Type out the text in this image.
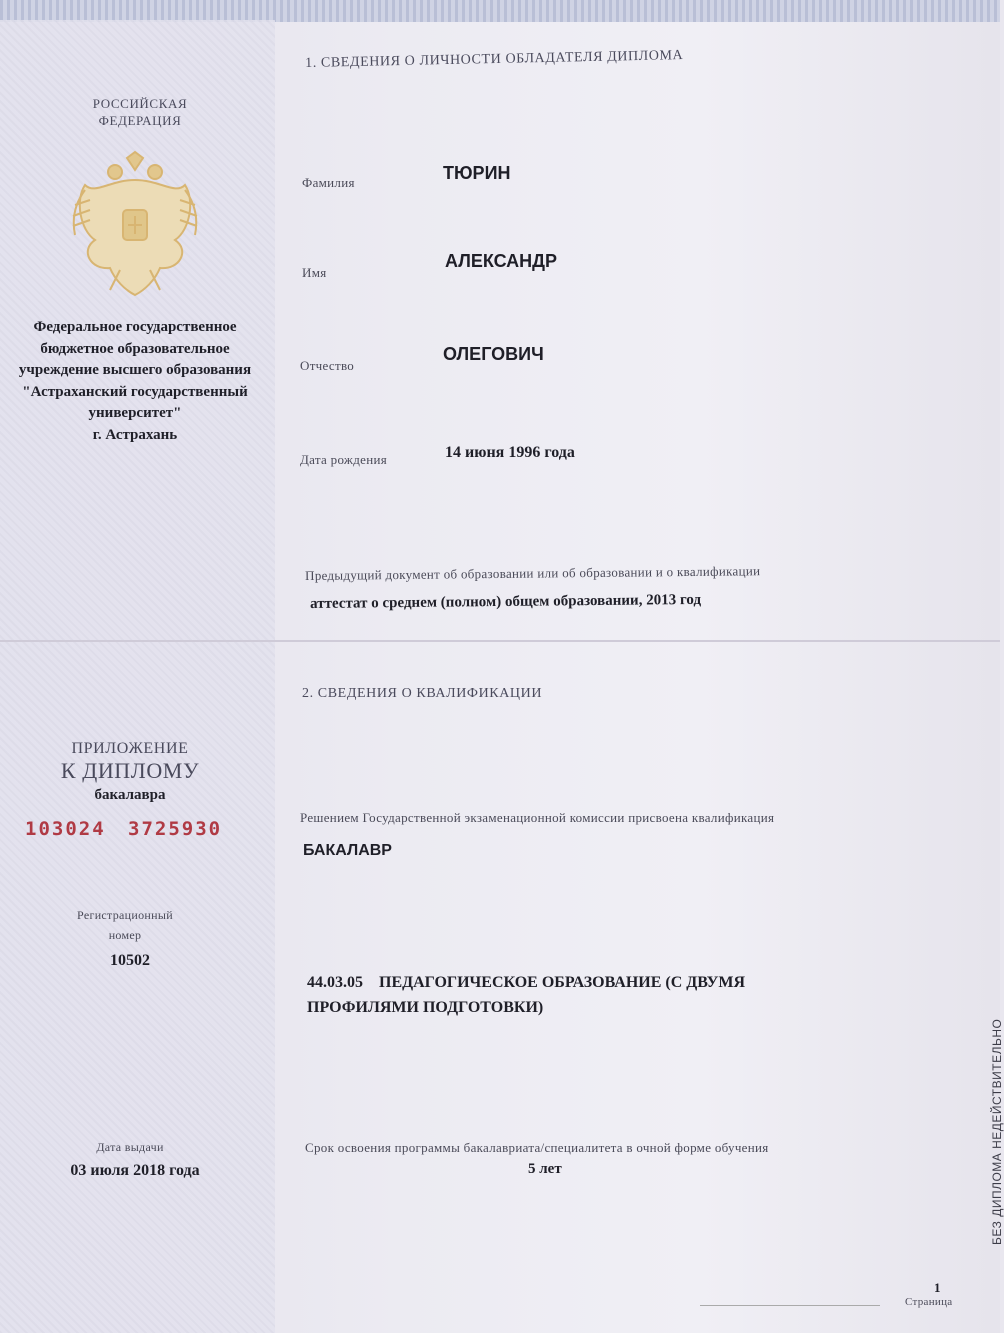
РОССИЙСКАЯ ФЕДЕРАЦИЯ
Федеральное государственное
бюджетное образовательное
учреждение высшего образования
"Астраханский государственный
университет"
г. Астрахань
ПРИЛОЖЕНИЕ
К ДИПЛОМУ
бакалавра
103024 3725930
Регистрационный
номер
10502
Дата выдачи
03 июля 2018 года
1. СВЕДЕНИЯ О ЛИЧНОСТИ ОБЛАДАТЕЛЯ ДИПЛОМА
Фамилия	ТЮРИН
Имя
АЛЕКСАНДР
Отчество
ОЛЕГОВИЧ
Дата рождения	14 июня 1996 года
Предыдущий документ об образовании или об образовании и о квалификации
аттестат о среднем (полном) общем образовании, 2013 год
2. СВЕДЕНИЯ О КВАЛИФИКАЦИИ
Решением Государственной экзаменационной комиссии присвоена квалификация
БАКАЛАВР
44.03.05    ПЕДАГОГИЧЕСКОЕ ОБРАЗОВАНИЕ (С ДВУМЯ
ПРОФИЛЯМИ ПОДГОТОВКИ)
Срок освоения программы бакалавриата/специалитета в очной форме обучения
5 лет
1
Страница
БЕЗ ДИПЛОМА НЕДЕЙСТВИТЕЛЬНО
